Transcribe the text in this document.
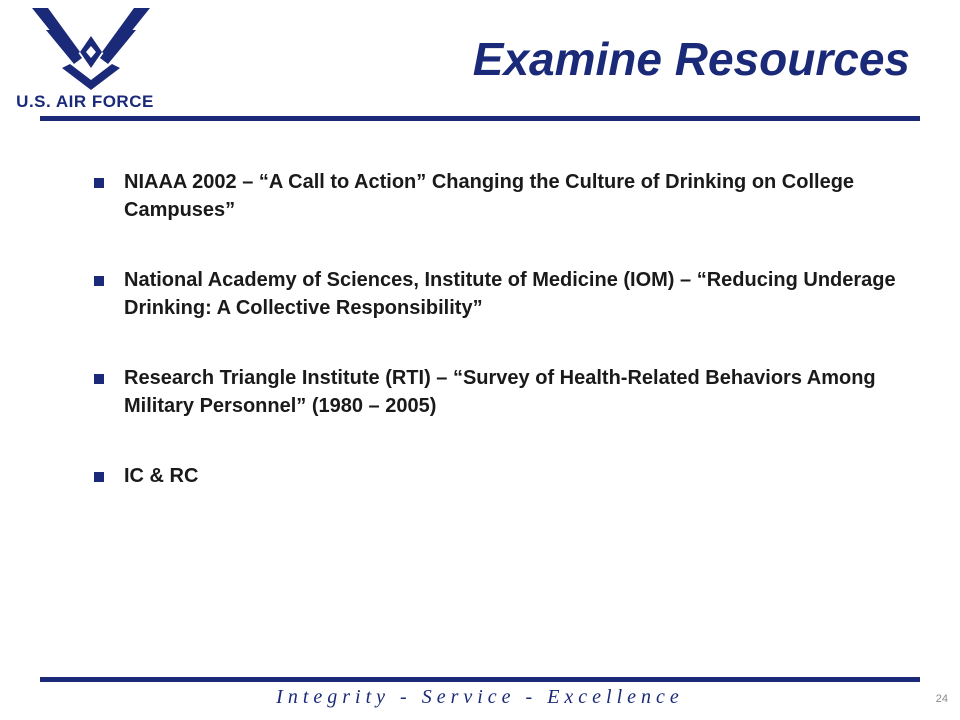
U.S. AIR FORCE
Examine Resources
NIAAA 2002 – “A Call to Action” Changing the Culture of Drinking on College Campuses”
National Academy of Sciences, Institute of Medicine (IOM) – “Reducing Underage Drinking: A Collective Responsibility”
Research Triangle Institute (RTI) – “Survey of Health-Related Behaviors Among Military Personnel” (1980 – 2005)
IC & RC
Integrity - Service - Excellence	24
